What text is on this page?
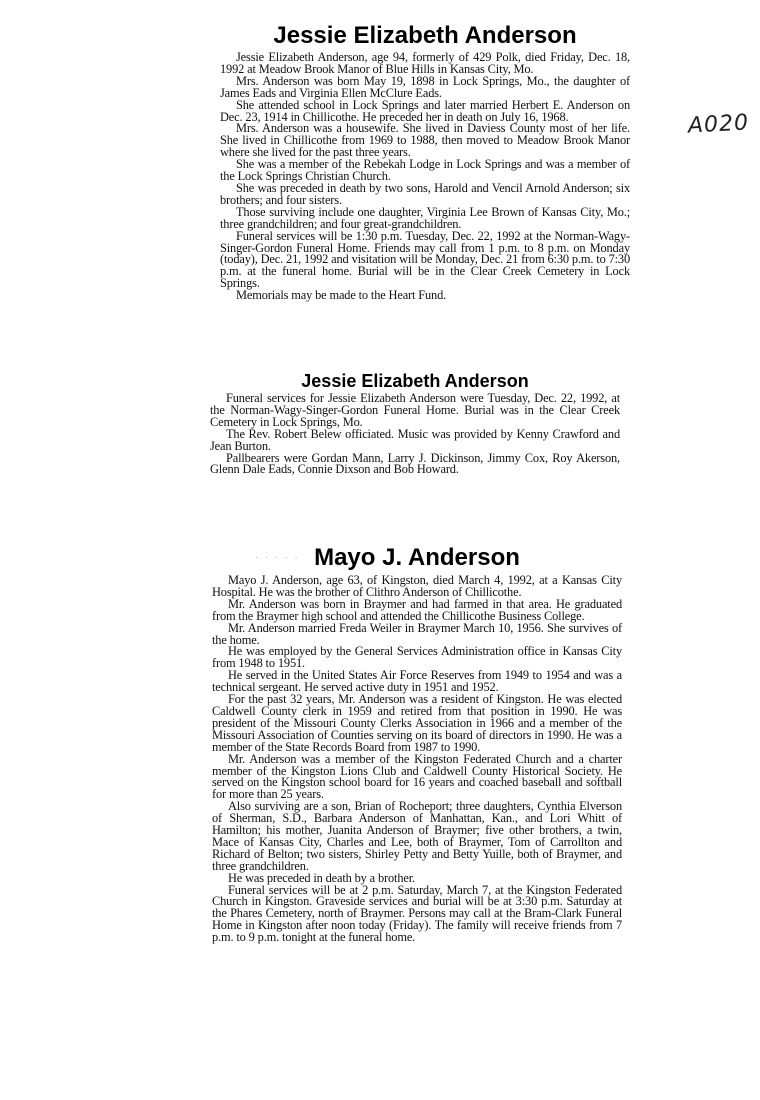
A020
Jessie Elizabeth Anderson

Jessie Elizabeth Anderson, age 94, formerly of 429 Polk, died Friday, Dec. 18, 1992 at Meadow Brook Manor of Blue Hills in Kansas City, Mo.

Mrs. Anderson was born May 19, 1898 in Lock Springs, Mo., the daughter of James Eads and Virginia Ellen McClure Eads.

She attended school in Lock Springs and later married Herbert E. Anderson on Dec. 23, 1914 in Chillicothe. He preceded her in death on July 16, 1968.

Mrs. Anderson was a housewife. She lived in Daviess County most of her life. She lived in Chillicothe from 1969 to 1988, then moved to Meadow Brook Manor where she lived for the past three years.

She was a member of the Rebekah Lodge in Lock Springs and was a member of the Lock Springs Christian Church.

She was preceded in death by two sons, Harold and Vencil Arnold Anderson; six brothers; and four sisters.

Those surviving include one daughter, Virginia Lee Brown of Kansas City, Mo.; three grandchildren; and four great-grandchildren.

Funeral services will be 1:30 p.m. Tuesday, Dec. 22, 1992 at the Norman-Wagy-Singer-Gordon Funeral Home. Friends may call from 1 p.m. to 8 p.m. on Monday (today), Dec. 21, 1992 and visitation will be Monday, Dec. 21 from 6:30 p.m. to 7:30 p.m. at the funeral home. Burial will be in the Clear Creek Cemetery in Lock Springs.

Memorials may be made to the Heart Fund.

Jessie Elizabeth Anderson

Funeral services for Jessie Elizabeth Anderson were Tuesday, Dec. 22, 1992, at the Norman-Wagy-Singer-Gordon Funeral Home. Burial was in the Clear Creek Cemetery in Lock Springs, Mo.

The Rev. Robert Belew officiated. Music was provided by Kenny Crawford and Jean Burton.

Pallbearers were Gordan Mann, Larry J. Dickinson, Jimmy Cox, Roy Akerson, Glenn Dale Eads, Connie Dixson and Bob Howard.

· · · · · Mayo J. Anderson

Mayo J. Anderson, age 63, of Kingston, died March 4, 1992, at a Kansas City Hospital. He was the brother of Clithro Anderson of Chillicothe.

Mr. Anderson was born in Braymer and had farmed in that area. He graduated from the Braymer high school and attended the Chillicothe Business College.

Mr. Anderson married Freda Weiler in Braymer March 10, 1956. She survives of the home.

He was employed by the General Services Administration office in Kansas City from 1948 to 1951.

He served in the United States Air Force Reserves from 1949 to 1954 and was a technical sergeant. He served active duty in 1951 and 1952.

For the past 32 years, Mr. Anderson was a resident of Kingston. He was elected Caldwell County clerk in 1959 and retired from that position in 1990. He was president of the Missouri County Clerks Association in 1966 and a member of the Missouri Association of Counties serving on its board of directors in 1990. He was a member of the State Records Board from 1987 to 1990.

Mr. Anderson was a member of the Kingston Federated Church and a charter member of the Kingston Lions Club and Caldwell County Historical Society. He served on the Kingston school board for 16 years and coached baseball and softball for more than 25 years.

Also surviving are a son, Brian of Rocheport; three daughters, Cynthia Elverson of Sherman, S.D., Barbara Anderson of Manhattan, Kan., and Lori Whitt of Hamilton; his mother, Juanita Anderson of Braymer; five other brothers, a twin, Mace of Kansas City, Charles and Lee, both of Braymer, Tom of Carrollton and Richard of Belton; two sisters, Shirley Petty and Betty Yuille, both of Braymer, and three grandchildren.

He was preceded in death by a brother.

Funeral services will be at 2 p.m. Saturday, March 7, at the Kingston Federated Church in Kingston. Graveside services and burial will be at 3:30 p.m. Saturday at the Phares Cemetery, north of Braymer. Persons may call at the Bram-Clark Funeral Home in Kingston after noon today (Friday). The family will receive friends from 7 p.m. to 9 p.m. tonight at the funeral home.
